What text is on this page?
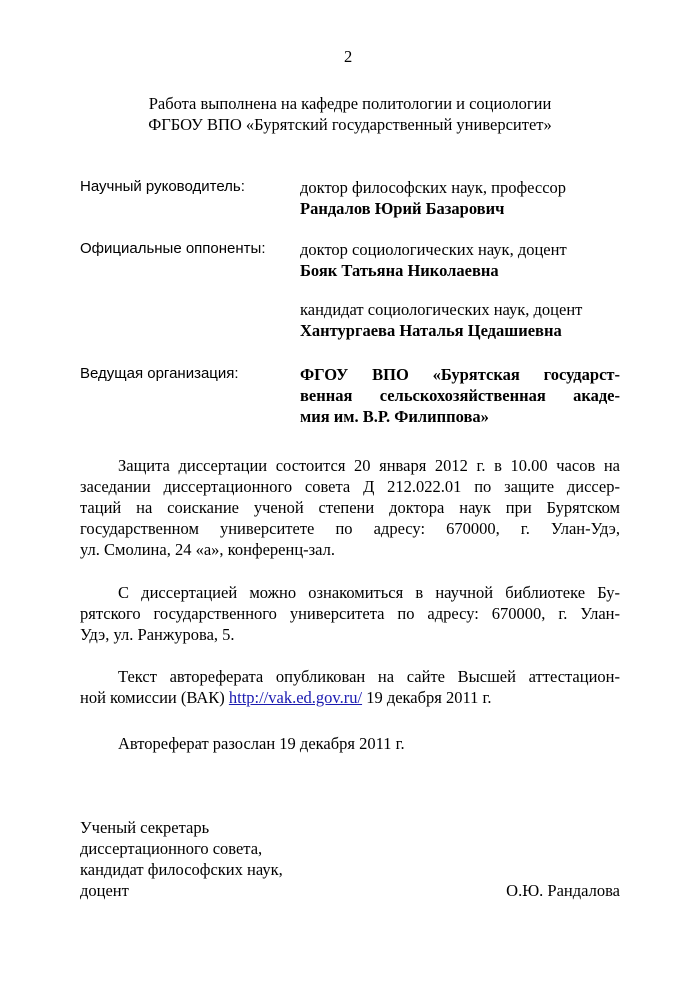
2
Работа выполнена на кафедре политологии и социологии
ФГБОУ ВПО «Бурятский государственный университет»
Научный руководитель:	доктор философских наук, профессор
Рандалов Юрий Базарович
Официальные оппоненты: доктор социологических наук, доцент
Бояк Татьяна Николаевна
кандидат социологических наук, доцент
Хантургаева Наталья Цедашиевна
Ведущая организация:	ФГОУ ВПО «Бурятская государст-
венная сельскохозяйственная акаде-
мия им. В.Р. Филиппова»
Защита диссертации состоится 20 января 2012 г. в 10.00 часов на
заседании диссертационного совета Д 212.022.01 по защите диссер-
таций на соискание ученой степени доктора наук при Бурятском
государственном университете по адресу: 670000, г. Улан-Удэ,
ул. Смолина, 24 «а», конференц-зал.
С диссертацией можно ознакомиться в научной библиотеке Бу-
рятского государственного университета по адресу: 670000, г. Улан-
Удэ, ул. Ранжурова, 5.
Текст автореферата опубликован на сайте Высшей аттестацион-
ной комиссии (ВАК) http://vak.ed.gov.ru/ 19 декабря 2011 г.
Автореферат разослан 19 декабря 2011 г.
Ученый секретарь
диссертационного совета,
кандидат философских наук,
доцент	О.Ю. Рандалова
